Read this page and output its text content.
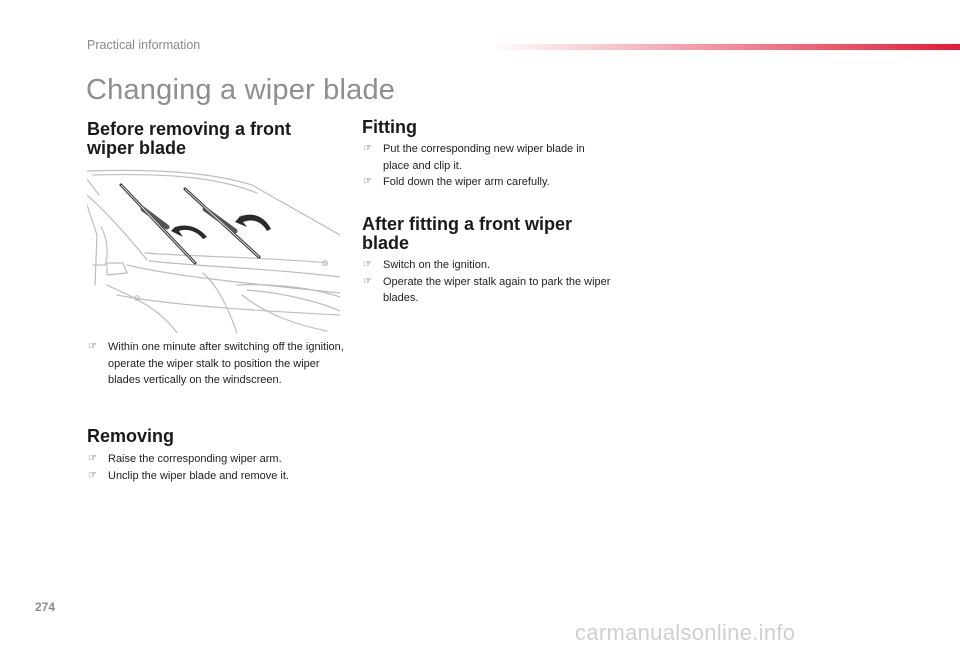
Practical information
Changing a wiper blade
Before removing a front wiper blade
☞ Within one minute after switching off the ignition, operate the wiper stalk to position the wiper blades vertically on the windscreen.
Removing
☞ Raise the corresponding wiper arm.
☞ Unclip the wiper blade and remove it.
Fitting
☞ Put the corresponding new wiper blade in place and clip it.
☞ Fold down the wiper arm carefully.
After fitting a front wiper blade
☞ Switch on the ignition.
☞ Operate the wiper stalk again to park the wiper blades.
274
carmanualsonline.info
